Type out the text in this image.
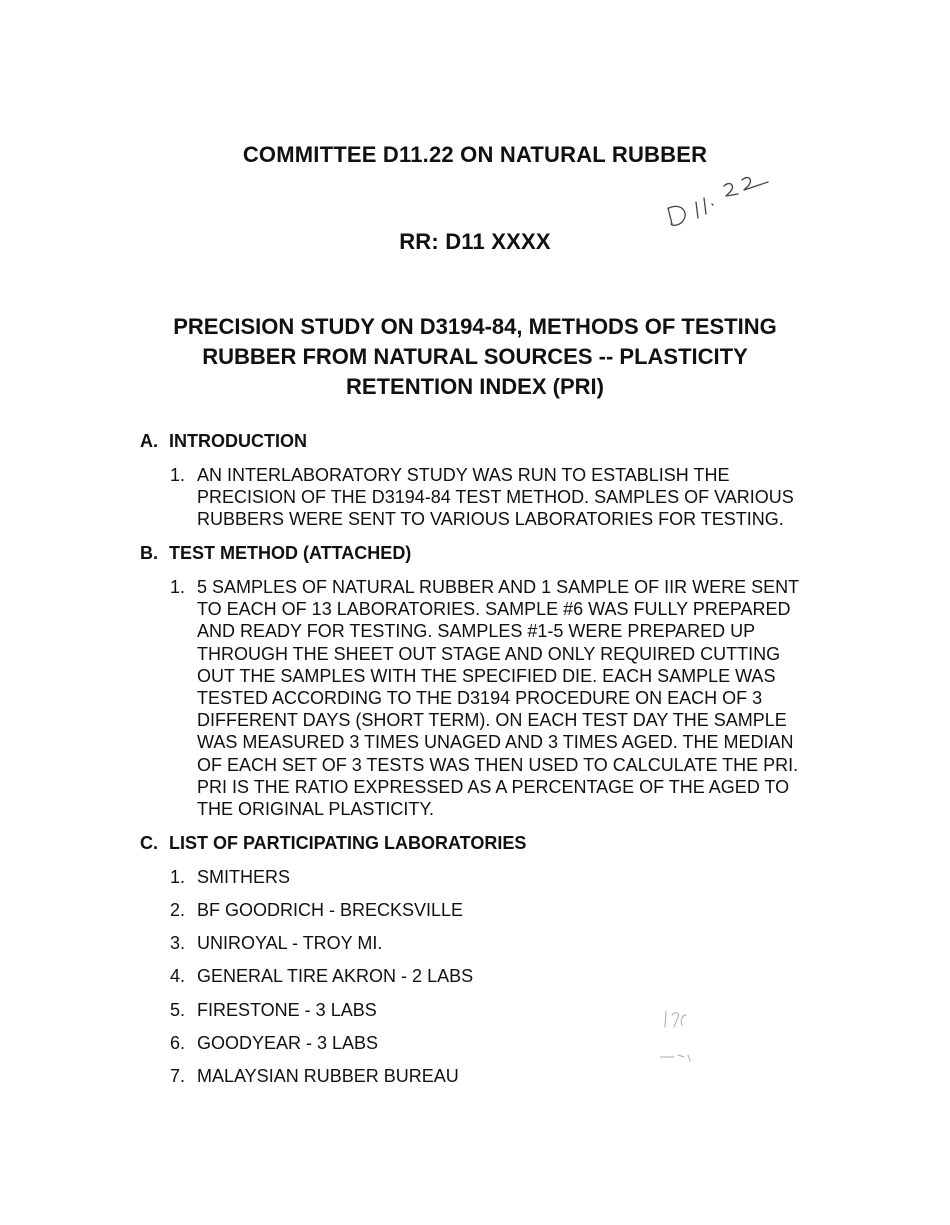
COMMITTEE D11.22 ON NATURAL RUBBER
RR: D11 XXXX
PRECISION STUDY ON D3194-84, METHODS OF TESTING
RUBBER FROM NATURAL SOURCES -- PLASTICITY
RETENTION INDEX (PRI)
A. INTRODUCTION
1. AN INTERLABORATORY STUDY WAS RUN TO ESTABLISH THE
PRECISION OF THE D3194-84 TEST METHOD. SAMPLES OF VARIOUS
RUBBERS WERE SENT TO VARIOUS LABORATORIES FOR TESTING.
B. TEST METHOD (ATTACHED)
1. 5 SAMPLES OF NATURAL RUBBER AND 1 SAMPLE OF IIR WERE SENT
TO EACH OF 13 LABORATORIES. SAMPLE #6 WAS FULLY PREPARED
AND READY FOR TESTING. SAMPLES #1-5 WERE PREPARED UP
THROUGH THE SHEET OUT STAGE AND ONLY REQUIRED CUTTING
OUT THE SAMPLES WITH THE SPECIFIED DIE. EACH SAMPLE WAS
TESTED ACCORDING TO THE D3194 PROCEDURE ON EACH OF 3
DIFFERENT DAYS (SHORT TERM). ON EACH TEST DAY THE SAMPLE
WAS MEASURED 3 TIMES UNAGED AND 3 TIMES AGED. THE MEDIAN
OF EACH SET OF 3 TESTS WAS THEN USED TO CALCULATE THE PRI.
PRI IS THE RATIO EXPRESSED AS A PERCENTAGE OF THE AGED TO
THE ORIGINAL PLASTICITY.
C. LIST OF PARTICIPATING LABORATORIES
1. SMITHERS
2. BF GOODRICH - BRECKSVILLE
3. UNIROYAL - TROY MI.
4. GENERAL TIRE AKRON - 2 LABS
5. FIRESTONE - 3 LABS
6. GOODYEAR - 3 LABS
7. MALAYSIAN RUBBER BUREAU
